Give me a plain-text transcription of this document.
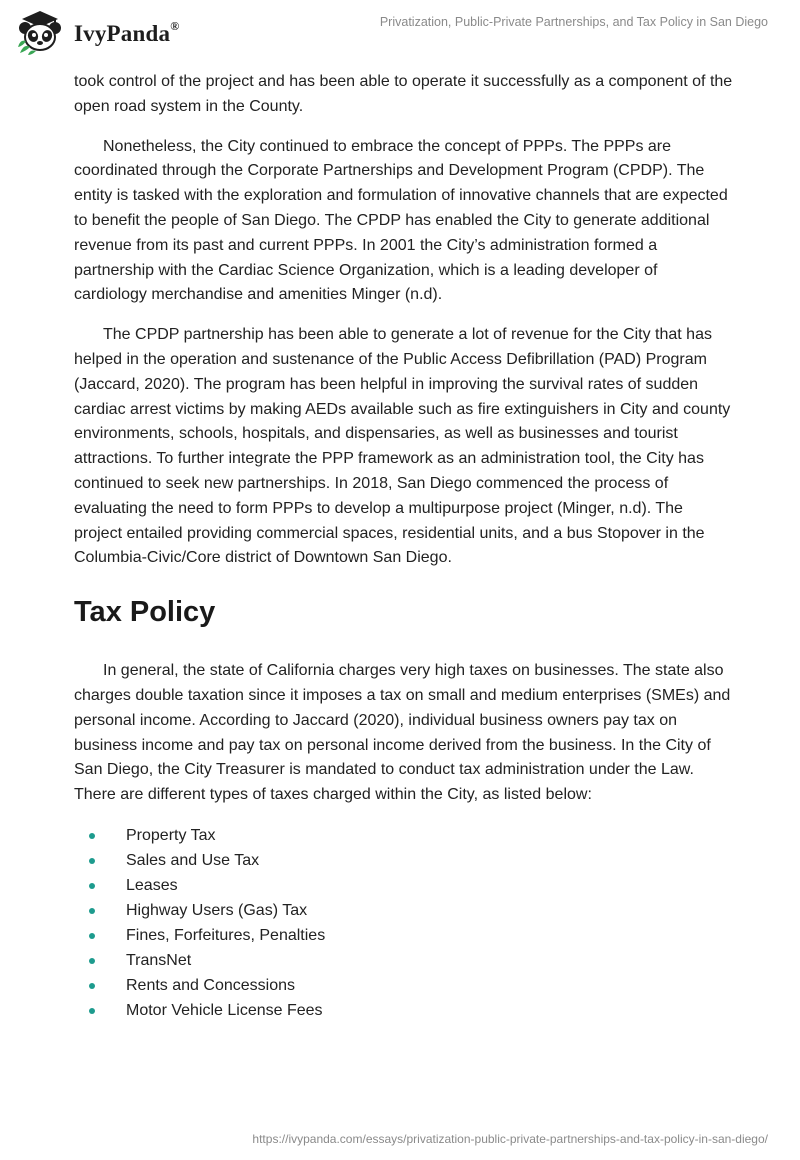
IvyPanda®	Privatization, Public-Private Partnerships, and Tax Policy in San Diego

took control of the project and has been able to operate it successfully as a component of the open road system in the County.

Nonetheless, the City continued to embrace the concept of PPPs. The PPPs are coordinated through the Corporate Partnerships and Development Program (CPDP). The entity is tasked with the exploration and formulation of innovative channels that are expected to benefit the people of San Diego. The CPDP has enabled the City to generate additional revenue from its past and current PPPs. In 2001 the City’s administration formed a partnership with the Cardiac Science Organization, which is a leading developer of cardiology merchandise and amenities Minger (n.d).

The CPDP partnership has been able to generate a lot of revenue for the City that has helped in the operation and sustenance of the Public Access Defibrillation (PAD) Program (Jaccard, 2020). The program has been helpful in improving the survival rates of sudden cardiac arrest victims by making AEDs available such as fire extinguishers in City and county environments, schools, hospitals, and dispensaries, as well as businesses and tourist attractions. To further integrate the PPP framework as an administration tool, the City has continued to seek new partnerships. In 2018, San Diego commenced the process of evaluating the need to form PPPs to develop a multipurpose project (Minger, n.d). The project entailed providing commercial spaces, residential units, and a bus Stopover in the Columbia-Civic/Core district of Downtown San Diego.

Tax Policy

In general, the state of California charges very high taxes on businesses. The state also charges double taxation since it imposes a tax on small and medium enterprises (SMEs) and personal income. According to Jaccard (2020), individual business owners pay tax on business income and pay tax on personal income derived from the business. In the City of San Diego, the City Treasurer is mandated to conduct tax administration under the Law. There are different types of taxes charged within the City, as listed below:

Property Tax
Sales and Use Tax
Leases
Highway Users (Gas) Tax
Fines, Forfeitures, Penalties
TransNet
Rents and Concessions
Motor Vehicle License Fees
https://ivypanda.com/essays/privatization-public-private-partnerships-and-tax-policy-in-san-diego/
